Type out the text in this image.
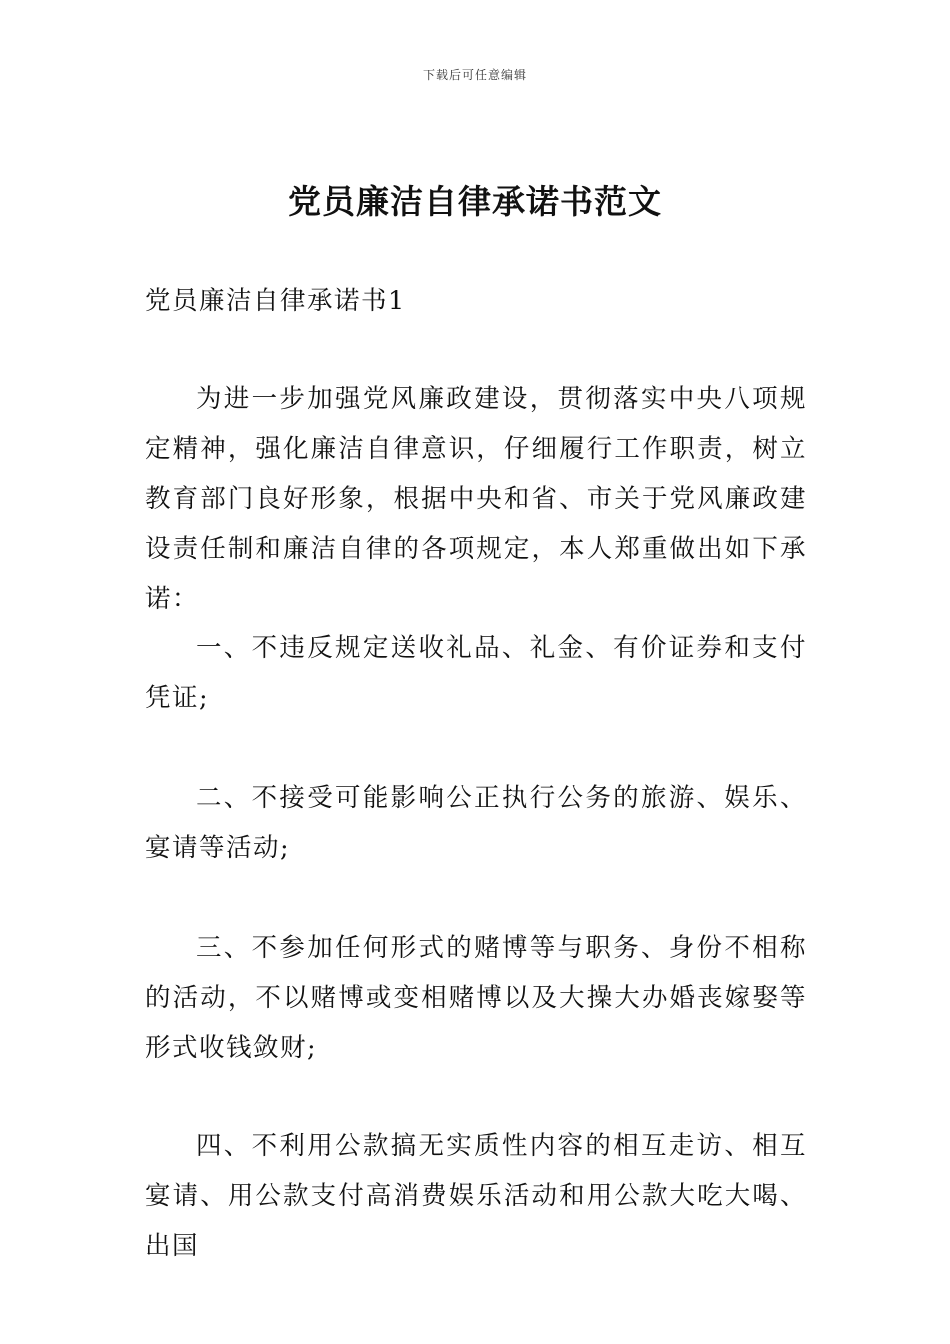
下载后可任意编辑
党员廉洁自律承诺书范文

党员廉洁自律承诺书1

为进一步加强党风廉政建设，贯彻落实中央八项规定精神，强化廉洁自律意识，仔细履行工作职责，树立教育部门良好形象，根据中央和省、市关于党风廉政建设责任制和廉洁自律的各项规定，本人郑重做出如下承诺：

一、不违反规定送收礼品、礼金、有价证券和支付凭证;

二、不接受可能影响公正执行公务的旅游、娱乐、宴请等活动;

三、不参加任何形式的赌博等与职务、身份不相称的活动，不以赌博或变相赌博以及大操大办婚丧嫁娶等形式收钱敛财;

四、不利用公款搞无实质性内容的相互走访、相互宴请、用公款支付高消费娱乐活动和用公款大吃大喝、出国
